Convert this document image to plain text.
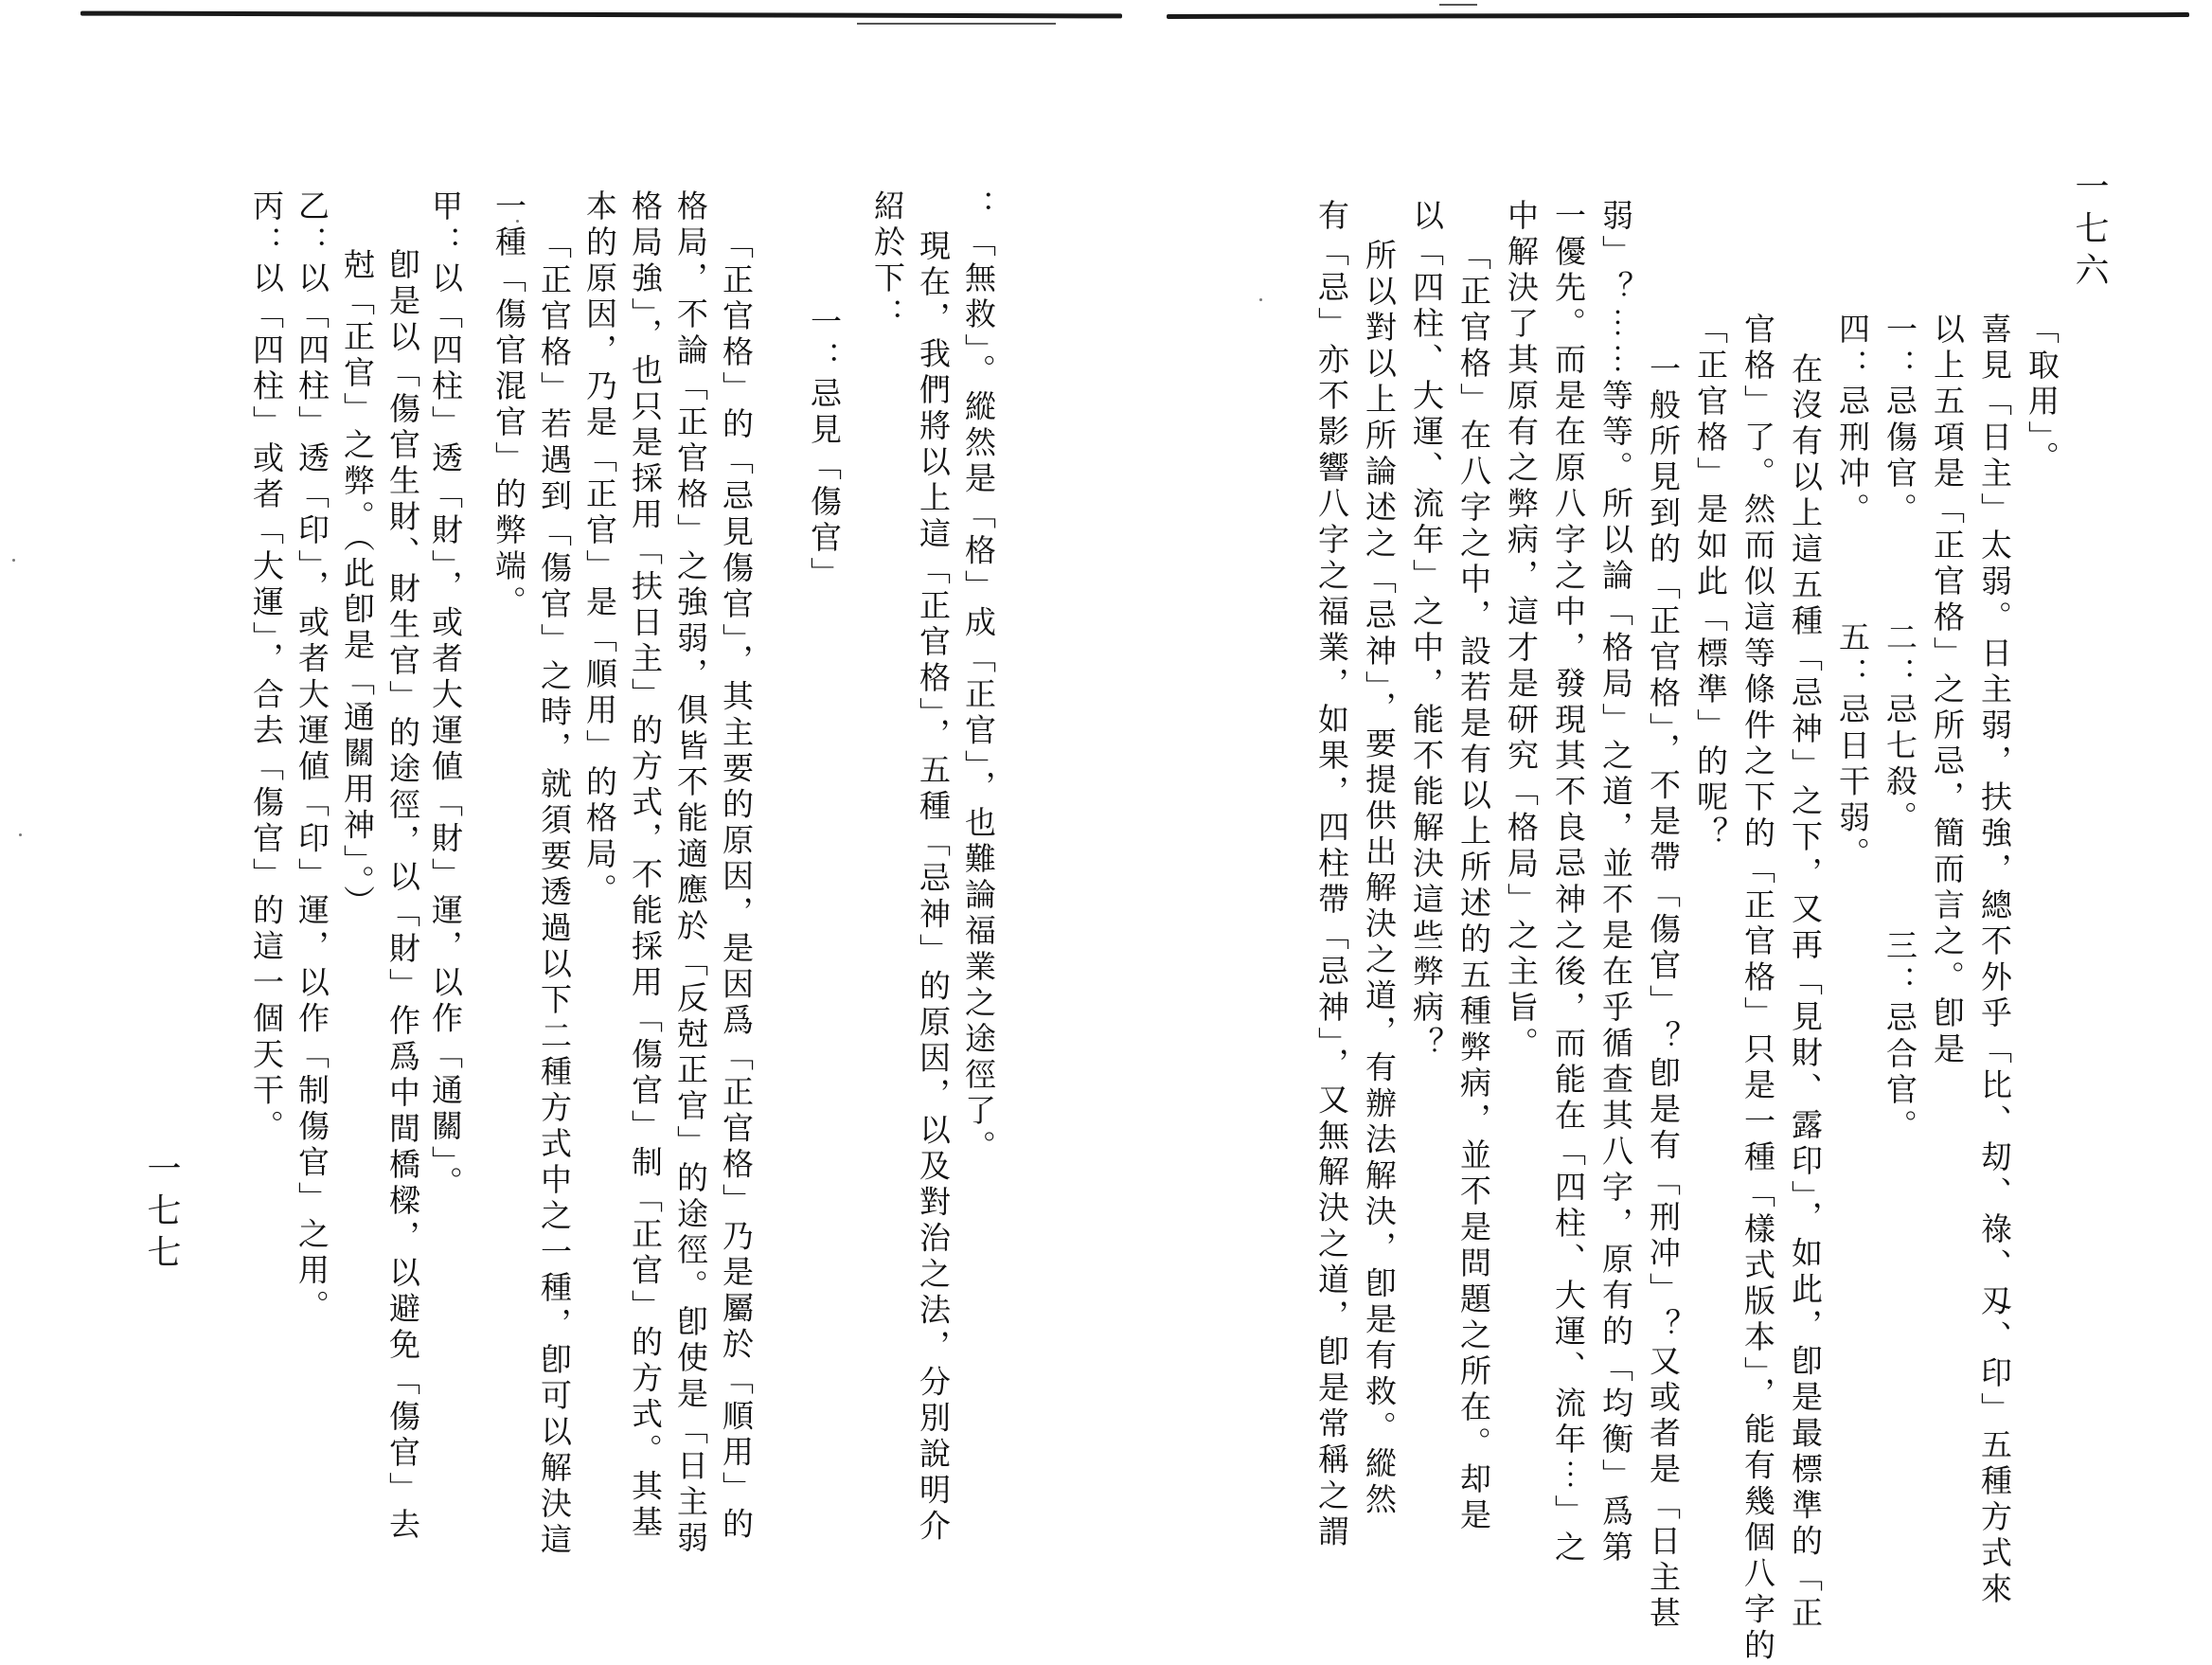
一七六
「取用」。
喜見「日主」太弱。日主弱，扶強，總不外乎「比、刧、祿、刄、印」五種方式來
以上五項是「正官格」之所忌，簡而言之。卽是
一：忌傷官。　　　二：忌七殺。　　　三：忌合官。
四：忌刑冲。　　　五：忌日干弱。
在沒有以上這五種「忌神」之下，又再「見財、露印」，如此，卽是最標準的「正
官格」了。然而似這等條件之下的「正官格」只是一種「樣式版本」，能有幾個八字的
「正官格」是如此「標準」的呢？
一般所見到的「正官格」，不是帶「傷官」？卽是有「刑冲」？又或者是「日主甚
弱」？⋯⋯等等。所以論「格局」之道，並不是在乎循查其八字，原有的「均衡」爲第
一優先。而是在原八字之中，發現其不良忌神之後，而能在「四柱、大運、流年⋯」之
中解決了其原有之弊病，這才是研究「格局」之主旨。
「正官格」在八字之中，設若是有以上所述的五種弊病，並不是問題之所在。却是
以「四柱、大運、流年」之中，能不能解決這些弊病？
所以對以上所論述之「忌神」，要提供出解決之道，有辦法解決，卽是有救。縱然
有「忌」亦不影響八字之福業，如果，四柱帶「忌神」，又無解決之道，卽是常稱之謂
一七七
：「無救」。縱然是「格」成「正官」，也難論福業之途徑了。
現在，我們將以上這「正官格」，五種「忌神」的原因，以及對治之法，分別說明介
紹於下：
一：忌見「傷官」
「正官格」的「忌見傷官」，其主要的原因，是因爲「正官格」乃是屬於「順用」的
格局，不論「正官格」之強弱，俱皆不能適應於「反尅正官」的途徑。卽使是「日主弱
格局強」，也只是採用「扶日主」的方式，不能採用「傷官」制「正官」的方式。其基
本的原因，乃是「正官」是「順用」的格局。
「正官格」若遇到「傷官」之時，就須要透過以下二種方式中之一種，卽可以解決這
一種「傷官混官」的弊端。
甲：以「四柱」透「財」，或者大運値「財」運，以作「通關」。
卽是以「傷官生財、財生官」的途徑，以「財」作爲中間橋樑，以避免「傷官」去
尅「正官」之弊。（此卽是「通關用神」。）
乙：以「四柱」透「印」，或者大運値「印」運，以作「制傷官」之用。
丙：以「四柱」或者「大運」，合去「傷官」的這一個天干。
